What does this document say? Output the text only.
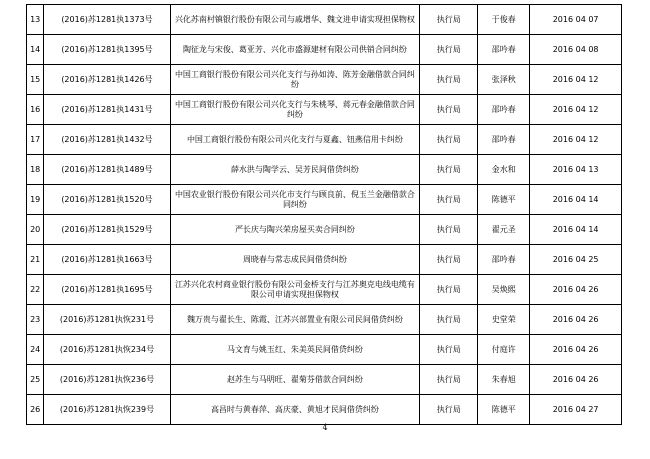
13	(2016)苏1281执1373号	兴化苏南村镇银行股份有限公司与戚增华、魏文进申请实现担保物权	执行局	于俊春	2016 04 07
14	(2016)苏1281执1395号	陶征龙与宋俊、葛亚芳、兴化市盛源建材有限公司供销合同纠纷	执行局	邵吟春	2016 04 08
15	(2016)苏1281执1426号	中国工商银行股份有限公司兴化支行与孙如涛、陈芳金融借款合同纠纷	执行局	张泽秋	2016 04 12
16	(2016)苏1281执1431号	中国工商银行股份有限公司兴化支行与朱桃琴、蒋元春金融借款合同纠纷	执行局	邵吟春	2016 04 12
17	(2016)苏1281执1432号	中国工商银行股份有限公司兴化支行与夏鑫、钮燕信用卡纠纷	执行局	邵吟春	2016 04 12
18	(2016)苏1281执1489号	薛水洪与陶学云、吴芳民间借贷纠纷	执行局	金水和	2016 04 13
19	(2016)苏1281执1520号	中国农业银行股份有限公司兴化市支行与顾良前、倪玉兰金融借款合同纠纷	执行局	陈德平	2016 04 14
20	(2016)苏1281执1529号	严长庆与陶兴荣房屋买卖合同纠纷	执行局	翟元圣	2016 04 14
21	(2016)苏1281执1663号	周晓春与常志成民间借贷纠纷	执行局	邵吟春	2016 04 25
22	(2016)苏1281执1695号	江苏兴化农村商业银行股份有限公司金桥支行与江苏奥克电线电缆有限公司申请实现担保物权	执行局	吴焕熙	2016 04 26
23	(2016)苏1281执恢231号	魏万贵与翟长生、陈霞、江苏兴部置业有限公司民间借贷纠纷	执行局	史堂荣	2016 04 26
24	(2016)苏1281执恢234号	马文育与姚玉红、朱美英民间借贷纠纷	执行局	付庭许	2016 04 26
25	(2016)苏1281执恢236号	赵苏生与马明旺、翟菊芬借款合同纠纷	执行局	朱春旭	2016 04 26
26	(2016)苏1281执恢239号	高昌时与黄春萍、高庆豪、黄旭才民间借贷纠纷	执行局	陈德平	2016 04 27
4
